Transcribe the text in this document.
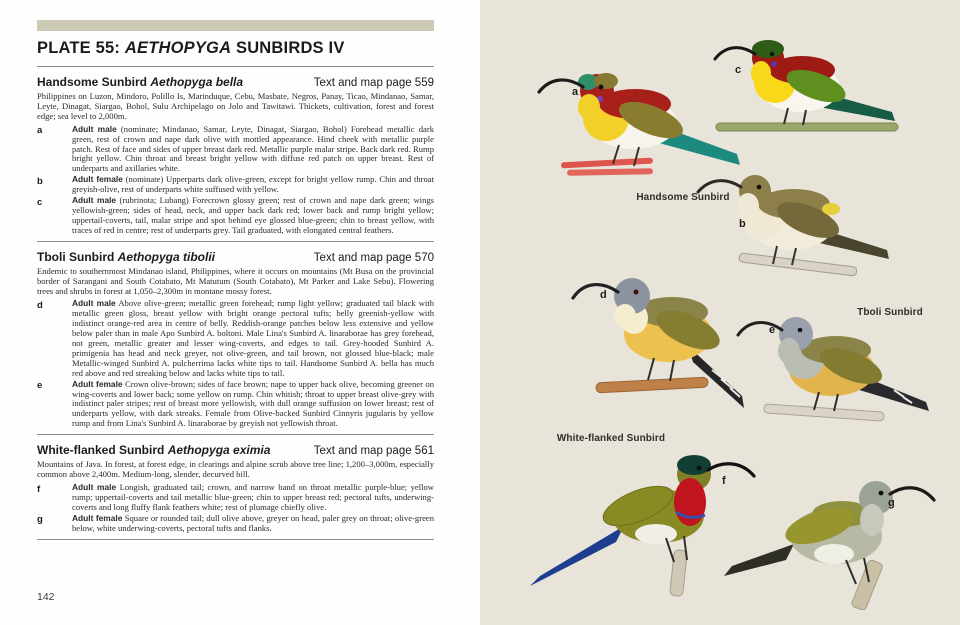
PLATE 55: AETHOPYGA SUNBIRDS IV
Handsome Sunbird Aethopyga bella	Text and map page 559

Philippines on Luzon, Mindoro, Polillo Is, Marinduque, Cebu, Masbate, Negros, Panay, Ticao, Mindanao, Samar, Leyte, Dinagat, Siargao, Bohol, Sulu Archipelago on Jolo and Tawitawi. Thickets, cultivation, forest and forest edge; sea level to 2,000m.

a	Adult male (nominate; Mindanao, Samar, Leyte, Dinagat, Siargao, Bohol) Forehead metallic dark green, rest of crown and nape dark olive with mottled appearance. Hind cheek with metallic purple patch. Rest of face and sides of upper breast dark red. Metallic purple malar stripe. Back dark red. Rump bright yellow. Chin throat and breast bright yellow with diffuse red patch on upper breast. Rest of underparts and axillaries white.
b	Adult female (nominate) Upperparts dark olive-green, except for bright yellow rump. Chin and throat greyish-olive, rest of underparts white suffused with yellow.
c	Adult male (rubrinota; Lubang) Forecrown glossy green; rest of crown and nape dark green; wings yellowish-green; sides of head, neck, and upper back dark red; lower back and rump bright yellow; uppertail-coverts, tail, malar stripe and spot behind eye glossed blue-green; chin to breast yellow, with traces of red in centre; rest of underparts grey. Tail graduated, with elongated central feathers.
Tboli Sunbird Aethopyga tibolii	Text and map page 570

Endemic to southernmost Mindanao island, Philippines, where it occurs on mountains (Mt Busa on the provincial border of Sarangani and South Cotabato, Mt Matutum (South Cotabato), Mt Parker and Lake Sebu). Flowering trees and shrubs in forest at 1,050–2,300m in montane mossy forest.

d	Adult male Above olive-green; metallic green forehead; rump light yellow; graduated tail black with metallic green gloss, breast yellow with bright orange pectoral tufts; belly greenish-yellow with indistinct orange-red area in centre of belly. Reddish-orange patches below less extensive and yellow below paler than in male Apo Sunbird A. boltoni. Male Lina's Sunbird A. linaraborae has grey forehead, not green, metallic greater and lesser wing-coverts, and edges to tail. Grey-hooded Sunbird A. primigenia has head and neck greyer, not olive-green, and tail brown, not glossed blue-black; male Metallic-winged Sunbird A. pulcherrima lacks white tips to tail. Handsome Sunbird A. bella has much red above and red streaking below and lacks white tips to tail.
e	Adult female Crown olive-brown; sides of face brown; nape to upper back olive, becoming greener on wing-coverts and lower back; some yellow on rump. Chin whitish; throat to upper breast olive-grey with indistinct paler stripes; rest of breast more yellowish, with dull orange suffusion on lower breast; rest of underparts yellow, with dark streaks. Female from Olive-backed Sunbird Cinnyris jugularis by yellow rump and from Lina's Sunbird A. linaraborae by greyish not yellowish throat.
White-flanked Sunbird Aethopyga eximia	Text and map page 561

Mountains of Java. In forest, at forest edge, in clearings and alpine scrub above tree line; 1,200–3,000m, especially common above 2,400m. Medium-long, slender, decurved bill.

f	Adult male Longish, graduated tail; crown, and narrow band on throat metallic purple-blue; yellow rump; uppertail-coverts and tail metallic blue-green; chin to upper breast red; pectoral tufts, underwing-coverts and long fluffy flank feathers white; rest of plumage chiefly olive.
g	Adult female Square or rounded tail; dull olive above, greyer on head, paler grey on throat; olive-green below, white underwing-coverts, pectoral tufts and flanks.
142
a
c
b
Handsome Sunbird
d
e
Tboli Sunbird
f
g
White-flanked Sunbird
